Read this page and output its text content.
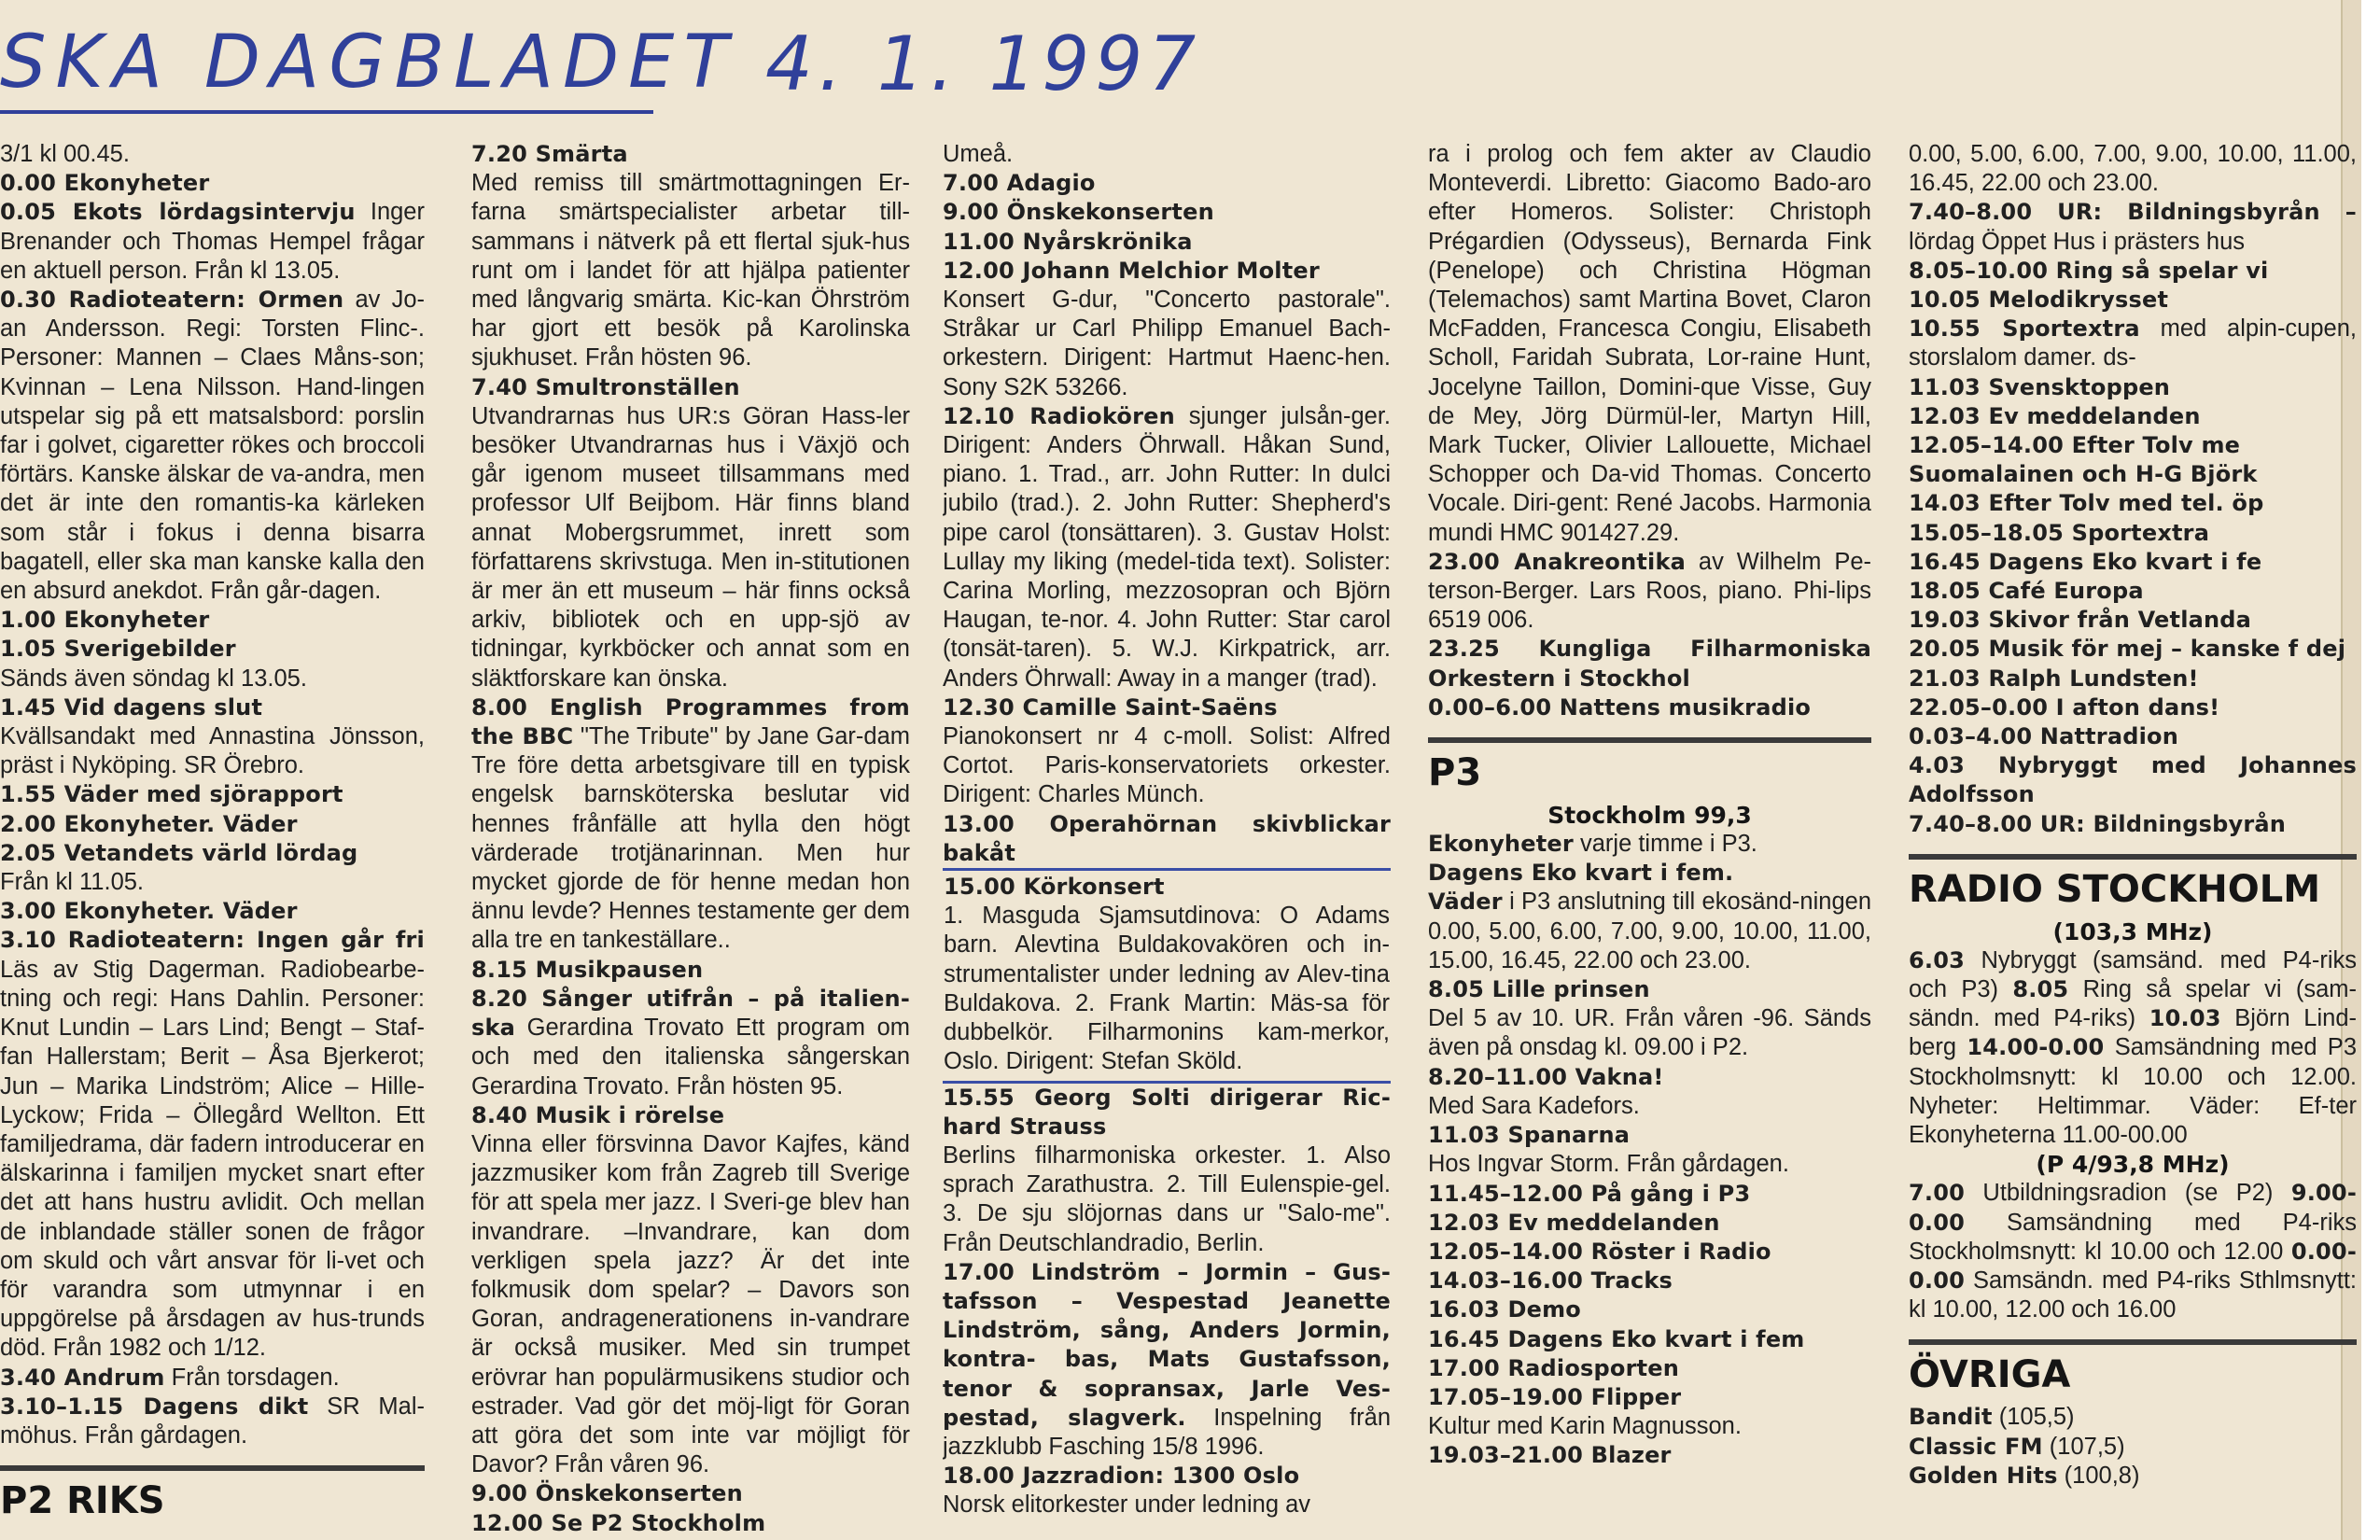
SKA DAGBLADET 4. 1. 1997

3/1 kl 00.45.

0.00 Ekonyheter

0.05 Ekots lördagsintervju Inger Brenander och Thomas Hempel frågar en aktuell person. Från kl 13.05.

0.30 Radioteatern: Ormen av Jo-an Andersson. Regi: Torsten Flinc-. Personer: Mannen – Claes Måns-son; Kvinnan – Lena Nilsson. Hand-lingen utspelar sig på ett matsalsbord: porslin far i golvet, cigaretter rökes och broccoli förtärs. Kanske älskar de va-andra, men det är inte den romantis-ka kärleken som står i fokus i denna bisarra bagatell, eller ska man kanske kalla den en absurd anekdot. Från går-dagen.

1.00 Ekonyheter

1.05 Sverigebilder

Sänds även söndag kl 13.05.

1.45 Vid dagens slut

Kvällsandakt med Annastina Jönsson, präst i Nyköping. SR Örebro.

1.55 Väder med sjörapport

2.00 Ekonyheter. Väder

2.05 Vetandets värld lördag

Från kl 11.05.

3.00 Ekonyheter. Väder

3.10 Radioteatern: Ingen går fri Läs av Stig Dagerman. Radiobearbe-tning och regi: Hans Dahlin. Personer: Knut Lundin – Lars Lind; Bengt – Staf-fan Hallerstam; Berit – Åsa Bjerkerot; Jun – Marika Lindström; Alice – Hille-Lyckow; Frida – Öllegård Wellton. Ett familjedrama, där fadern introducerar en älskarinna i familjen mycket snart efter det att hans hustru avlidit. Och mellan de inblandade ställer sonen de frågor om skuld och vårt ansvar för li-vet och för varandra som utmynnar i en uppgörelse på årsdagen av hus-trunds död. Från 1982 och 1/12.

3.40 Andrum Från torsdagen.

3.10–1.15 Dagens dikt SR Mal-möhus. Från gårdagen.

P2 RIKS

7.20 Smärta

Med remiss till smärtmottagningen Er-farna smärtspecialister arbetar till-sammans i nätverk på ett flertal sjuk-hus runt om i landet för att hjälpa patienter med långvarig smärta. Kic-kan Öhrström har gjort ett besök på Karolinska sjukhuset. Från hösten 96.

7.40 Smultronställen

Utvandrarnas hus UR:s Göran Hass-ler besöker Utvandrarnas hus i Växjö och går igenom museet tillsammans med professor Ulf Beijbom. Här finns bland annat Mobergsrummet, inrett som författarens skrivstuga. Men in-stitutionen är mer än ett museum – här finns också arkiv, bibliotek och en upp-sjö av tidningar, kyrkböcker och annat som en släktforskare kan önska.

8.00 English Programmes from the BBC "The Tribute" by Jane Gar-dam Tre före detta arbetsgivare till en typisk engelsk barnsköterska beslutar vid hennes frånfälle att hylla den högt värderade trotjänarinnan. Men hur mycket gjorde de för henne medan hon ännu levde? Hennes testamente ger dem alla tre en tankeställare..

8.15 Musikpausen

8.20 Sånger utifrån – på italien-ska Gerardina Trovato Ett program om och med den italienska sångerskan Gerardina Trovato. Från hösten 95.

8.40 Musik i rörelse

Vinna eller försvinna Davor Kajfes, känd jazzmusiker kom från Zagreb till Sverige för att spela mer jazz. I Sveri-ge blev han invandrare. –Invandrare, kan dom verkligen spela jazz? Är det inte folkmusik dom spelar? – Davors son Goran, andragenerationens in-vandrare är också musiker. Med sin trumpet erövrar han populärmusikens studior och estrader. Vad gör det möj-ligt för Goran att göra det som inte var möjligt för Davor? Från våren 96.

9.00 Önskekonserten

12.00 Se P2 Stockholm

Umeå.

7.00 Adagio

9.00 Önskekonserten

11.00 Nyårskrönika

12.00 Johann Melchior Molter

Konsert G-dur, "Concerto pastorale". Stråkar ur Carl Philipp Emanuel Bach-orkestern. Dirigent: Hartmut Haenc-hen. Sony S2K 53266.

12.10 Radiokören sjunger julsån-ger. Dirigent: Anders Öhrwall. Håkan Sund, piano. 1. Trad., arr. John Rutter: In dulci jubilo (trad.). 2. John Rutter: Shepherd's pipe carol (tonsättaren). 3. Gustav Holst: Lullay my liking (medel-tida text). Solister: Carina Morling, mezzosopran och Björn Haugan, te-nor. 4. John Rutter: Star carol (tonsät-taren). 5. W.J. Kirkpatrick, arr. Anders Öhrwall: Away in a manger (trad).

12.30 Camille Saint-Saëns

Pianokonsert nr 4 c-moll. Solist: Alfred Cortot. Paris-konservatoriets orkester. Dirigent: Charles Münch.

13.00 Operahörnan skivblickar bakåt

15.00 Körkonsert

1. Masguda Sjamsutdinova: O Adams barn. Alevtina Buldakovakören och in-strumentalister under ledning av Alev-tina Buldakova. 2. Frank Martin: Mäs-sa för dubbelkör. Filharmonins kam-merkor, Oslo. Dirigent: Stefan Sköld.

15.55 Georg Solti dirigerar Ric-hard Strauss

Berlins filharmoniska orkester. 1. Also sprach Zarathustra. 2. Till Eulenspie-gel. 3. De sju slöjornas dans ur "Salo-me". Från Deutschlandradio, Berlin.

17.00 Lindström – Jormin – Gus-tafsson – Vespestad Jeanette Lindström, sång, Anders Jormin, kontra- bas, Mats Gustafsson, tenor & sopransax, Jarle Ves-pestad, slagverk. Inspelning från jazzklubb Fasching 15/8 1996.

18.00 Jazzradion: 1300 Oslo

Norsk elitorkester under ledning av

ra i prolog och fem akter av Claudio Monteverdi. Libretto: Giacomo Bado-aro efter Homeros. Solister: Christoph Prégardien (Odysseus), Bernarda Fink (Penelope) och Christina Högman (Telemachos) samt Martina Bovet, Claron McFadden, Francesca Congiu, Elisabeth Scholl, Faridah Subrata, Lor-raine Hunt, Jocelyne Taillon, Domini-que Visse, Guy de Mey, Jörg Dürmül-ler, Martyn Hill, Mark Tucker, Olivier Lallouette, Michael Schopper och Da-vid Thomas. Concerto Vocale. Diri-gent: René Jacobs. Harmonia mundi HMC 901427.29.

23.00 Anakreontika av Wilhelm Pe-terson-Berger. Lars Roos, piano. Phi-lips 6519 006.

23.25 Kungliga Filharmoniska Orkestern i Stockhol

0.00–6.00 Nattens musikradio

P3
Stockholm 99,3

Ekonyheter varje timme i P3.

Dagens Eko kvart i fem.

Väder i P3 anslutning till ekosänd-ningen 0.00, 5.00, 6.00, 7.00, 9.00, 10.00, 11.00, 15.00, 16.45, 22.00 och 23.00.

8.05 Lille prinsen

Del 5 av 10. UR. Från våren -96. Sänds även på onsdag kl. 09.00 i P2.

8.20–11.00 Vakna!

Med Sara Kadefors.

11.03 Spanarna

Hos Ingvar Storm. Från gårdagen.

11.45–12.00 På gång i P3

12.03 Ev meddelanden

12.05–14.00 Röster i Radio

14.03–16.00 Tracks

16.03 Demo

16.45 Dagens Eko kvart i fem

17.00 Radiosporten

17.05–19.00 Flipper

Kultur med Karin Magnusson.

19.03–21.00 Blazer

0.00, 5.00, 6.00, 7.00, 9.00, 10.00, 11.00, 16.45, 22.00 och 23.00.

7.40–8.00 UR: Bildningsbyrån – lördag Öppet Hus i prästers hus

8.05–10.00 Ring så spelar vi

10.05 Melodikrysset

10.55 Sportextra med alpin-cupen, storslalom damer. ds-

11.03 Svensktoppen

12.03 Ev meddelanden

12.05–14.00 Efter Tolv me

Suomalainen och H-G Björk

14.03 Efter Tolv med tel. öp

15.05–18.05 Sportextra

16.45 Dagens Eko kvart i fe

18.05 Café Europa

19.03 Skivor från Vetlanda

20.05 Musik för mej – kanske f dej

21.03 Ralph Lundsten!

22.05–0.00 I afton dans!

0.03–4.00 Nattradion

4.03 Nybryggt med Johannes Adolfsson

7.40–8.00 UR: Bildningsbyrån

RADIO STOCKHOLM
(103,3 MHz)
6.03 Nybryggt (samsänd. med P4-riks och P3) 8.05 Ring så spelar vi (sam-sändn. med P4-riks) 10.03 Björn Lind-berg 14.00-0.00 Samsändning med P3 Stockholmsnytt: kl 10.00 och 12.00. Nyheter: Heltimmar. Väder: Ef-ter Ekonyheterna 11.00-00.00
(P 4/93,8 MHz)
7.00 Utbildningsradion (se P2) 9.00-0.00 Samsändning med P4-riks Stockholmsnytt: kl 10.00 och 12.00 0.00-0.00 Samsändn. med P4-riks Sthlmsnytt: kl 10.00, 12.00 och 16.00
ÖVRIGA

Bandit (105,5)

Classic FM (107,5)

Golden Hits (100,8)
